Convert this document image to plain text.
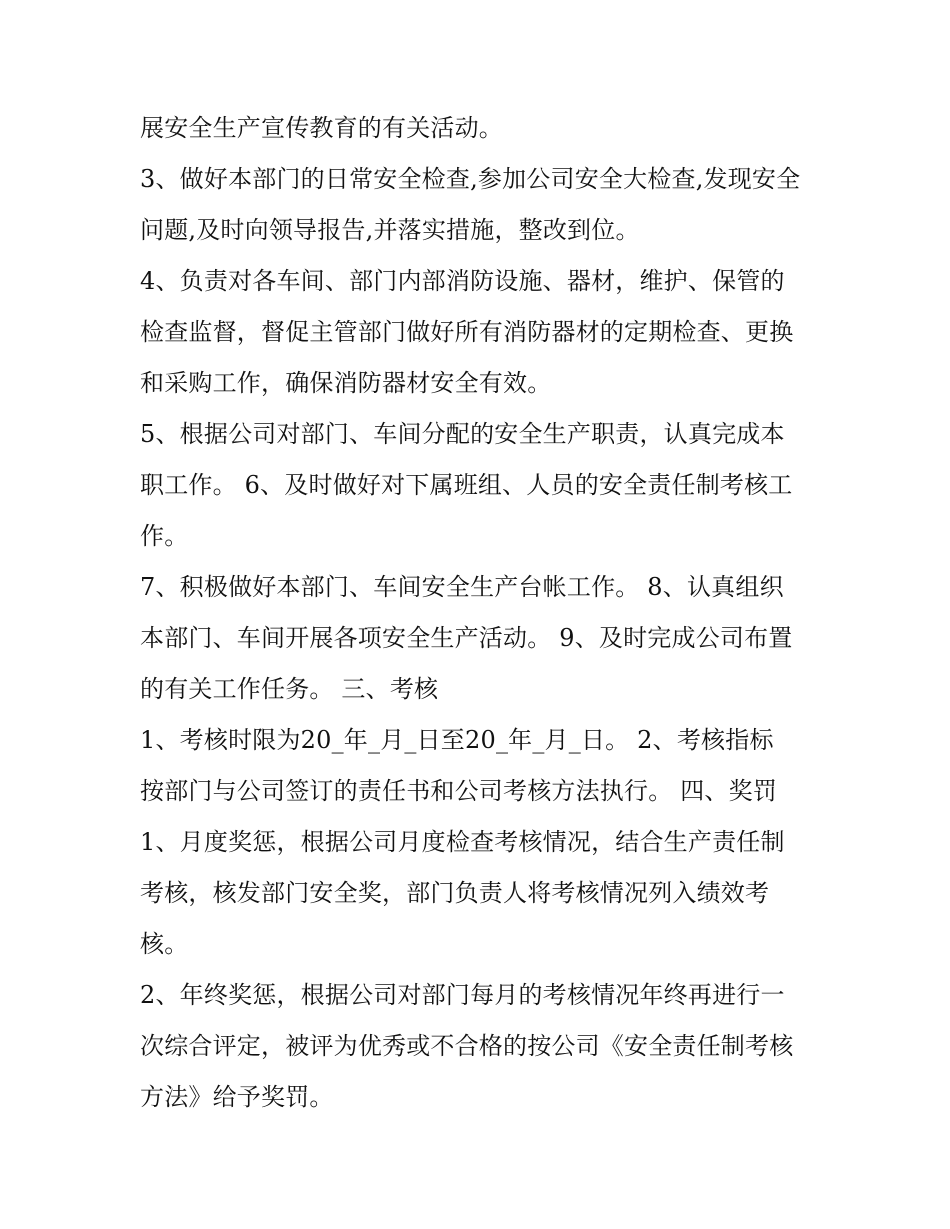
展安全生产宣传教育的有关活动。
3、做好本部门的日常安全检查,参加公司安全大检查,发现安全
问题,及时向领导报告,并落实措施，整改到位。
4、负责对各车间、部门内部消防设施、器材，维护、保管的
检查监督，督促主管部门做好所有消防器材的定期检查、更换
和采购工作，确保消防器材安全有效。
5、根据公司对部门、车间分配的安全生产职责，认真完成本
职工作。 6、及时做好对下属班组、人员的安全责任制考核工
作。
7、积极做好本部门、车间安全生产台帐工作。 8、认真组织
本部门、车间开展各项安全生产活动。 9、及时完成公司布置
的有关工作任务。 三、考核
1、考核时限为20_年_月_日至20_年_月_日。 2、考核指标
按部门与公司签订的责任书和公司考核方法执行。 四、奖罚
1、月度奖惩，根据公司月度检查考核情况，结合生产责任制
考核，核发部门安全奖，部门负责人将考核情况列入绩效考
核。
2、年终奖惩，根据公司对部门每月的考核情况年终再进行一
次综合评定，被评为优秀或不合格的按公司《安全责任制考核
方法》给予奖罚。
